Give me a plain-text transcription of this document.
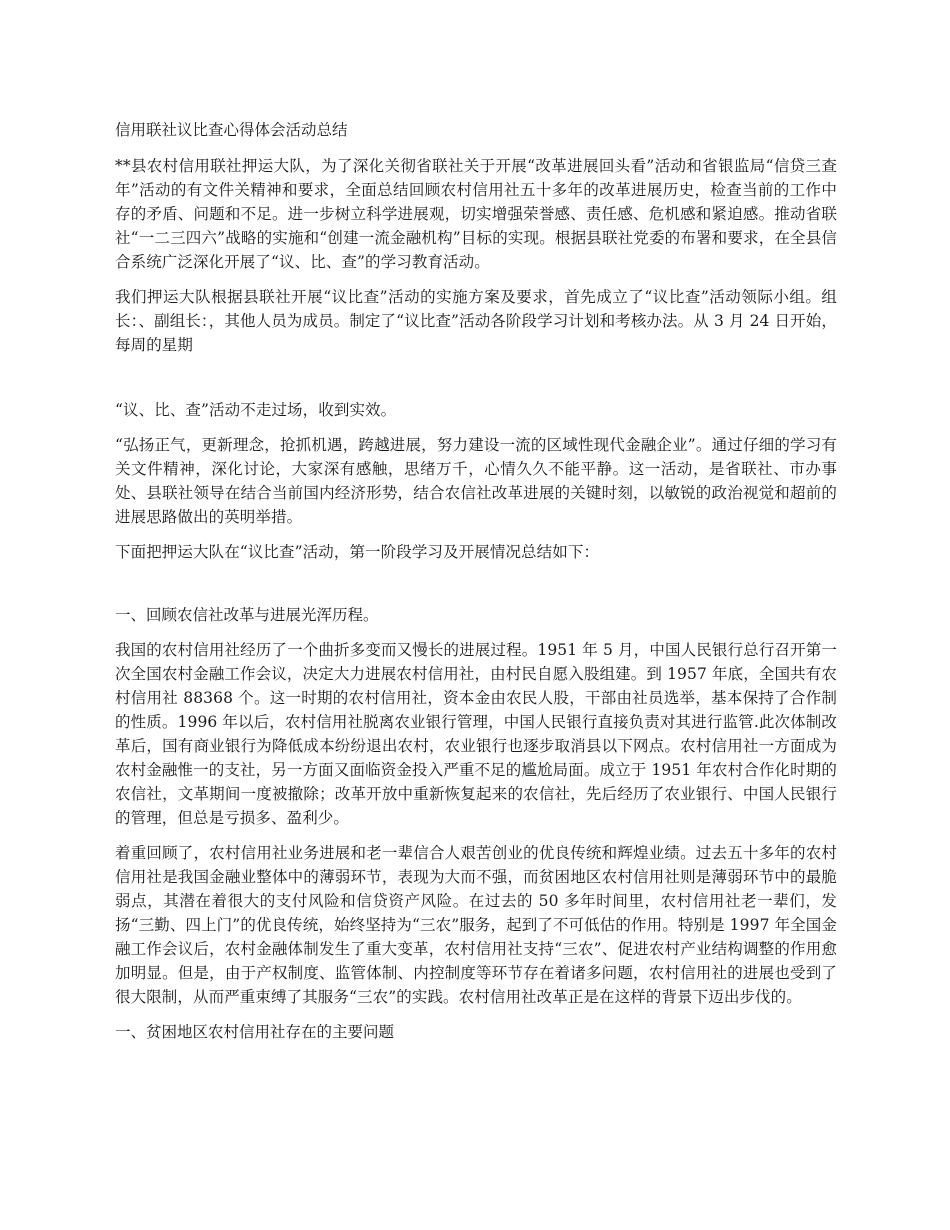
信用联社议比查心得体会活动总结

**县农村信用联社押运大队，为了深化关彻省联社关于开展“改革进展回头看”活动和省银监局“信贷三查年”活动的有文件关精神和要求，全面总结回顾农村信用社五十多年的改革进展历史，检查当前的工作中存的矛盾、问题和不足。进一步树立科学进展观，切实增强荣誉感、责任感、危机感和紧迫感。推动省联社“一二三四六”战略的实施和“创建一流金融机构”目标的实现。根据县联社党委的布署和要求，在全县信合系统广泛深化开展了“议、比、查”的学习教育活动。

我们押运大队根据县联社开展“议比查”活动的实施方案及要求，首先成立了“议比查”活动领际小组。组长：、副组长：，其他人员为成员。制定了“议比查”活动各阶段学习计划和考核办法。从 3 月 24 日开始，每周的星期

“议、比、查”活动不走过场，收到实效。

“弘扬正气，更新理念，抢抓机遇，跨越进展，努力建设一流的区域性现代金融企业”。通过仔细的学习有关文件精神，深化讨论，大家深有感触，思绪万千，心情久久不能平静。这一活动，是省联社、市办事处、县联社领导在结合当前国内经济形势，结合农信社改革进展的关键时刻，以敏锐的政治视觉和超前的进展思路做出的英明举措。

下面把押运大队在“议比查”活动，第一阶段学习及开展情况总结如下：

一、回顾农信社改革与进展光浑历程。

我国的农村信用社经历了一个曲折多变而又慢长的进展过程。1951 年 5 月，中国人民银行总行召开第一次全国农村金融工作会议，决定大力进展农村信用社，由村民自愿入股组建。到 1957 年底，全国共有农村信用社 88368 个。这一时期的农村信用社，资本金由农民人股，干部由社员选举，基本保持了合作制的性质。1996 年以后，农村信用社脱离农业银行管理，中国人民银行直接负责对其进行监管.此次体制改革后，国有商业银行为降低成本纷纷退出农村，农业银行也逐步取消县以下网点。农村信用社一方面成为农村金融惟一的支社，另一方面又面临资金投入严重不足的尴尬局面。成立于 1951 年农村合作化时期的农信社，文革期间一度被撤除；改革开放中重新恢复起来的农信社，先后经历了农业银行、中国人民银行的管理，但总是亏损多、盈利少。

着重回顾了，农村信用社业务进展和老一辈信合人艰苦创业的优良传统和辉煌业绩。过去五十多年的农村信用社是我国金融业整体中的薄弱环节，表现为大而不强，而贫困地区农村信用社则是薄弱环节中的最脆弱点，其潜在着很大的支付风险和信贷资产风险。在过去的 50 多年时间里，农村信用社老一辈们，发扬“三勤、四上门”的优良传统，始终坚持为“三农”服务，起到了不可低估的作用。特别是 1997 年全国金融工作会议后，农村金融体制发生了重大变革，农村信用社支持“三农”、促进农村产业结构调整的作用愈加明显。但是，由于产权制度、监管体制、内控制度等环节存在着诸多问题，农村信用社的进展也受到了很大限制，从而严重束缚了其服务“三农”的实践。农村信用社改革正是在这样的背景下迈出步伐的。

一、贫困地区农村信用社存在的主要问题
